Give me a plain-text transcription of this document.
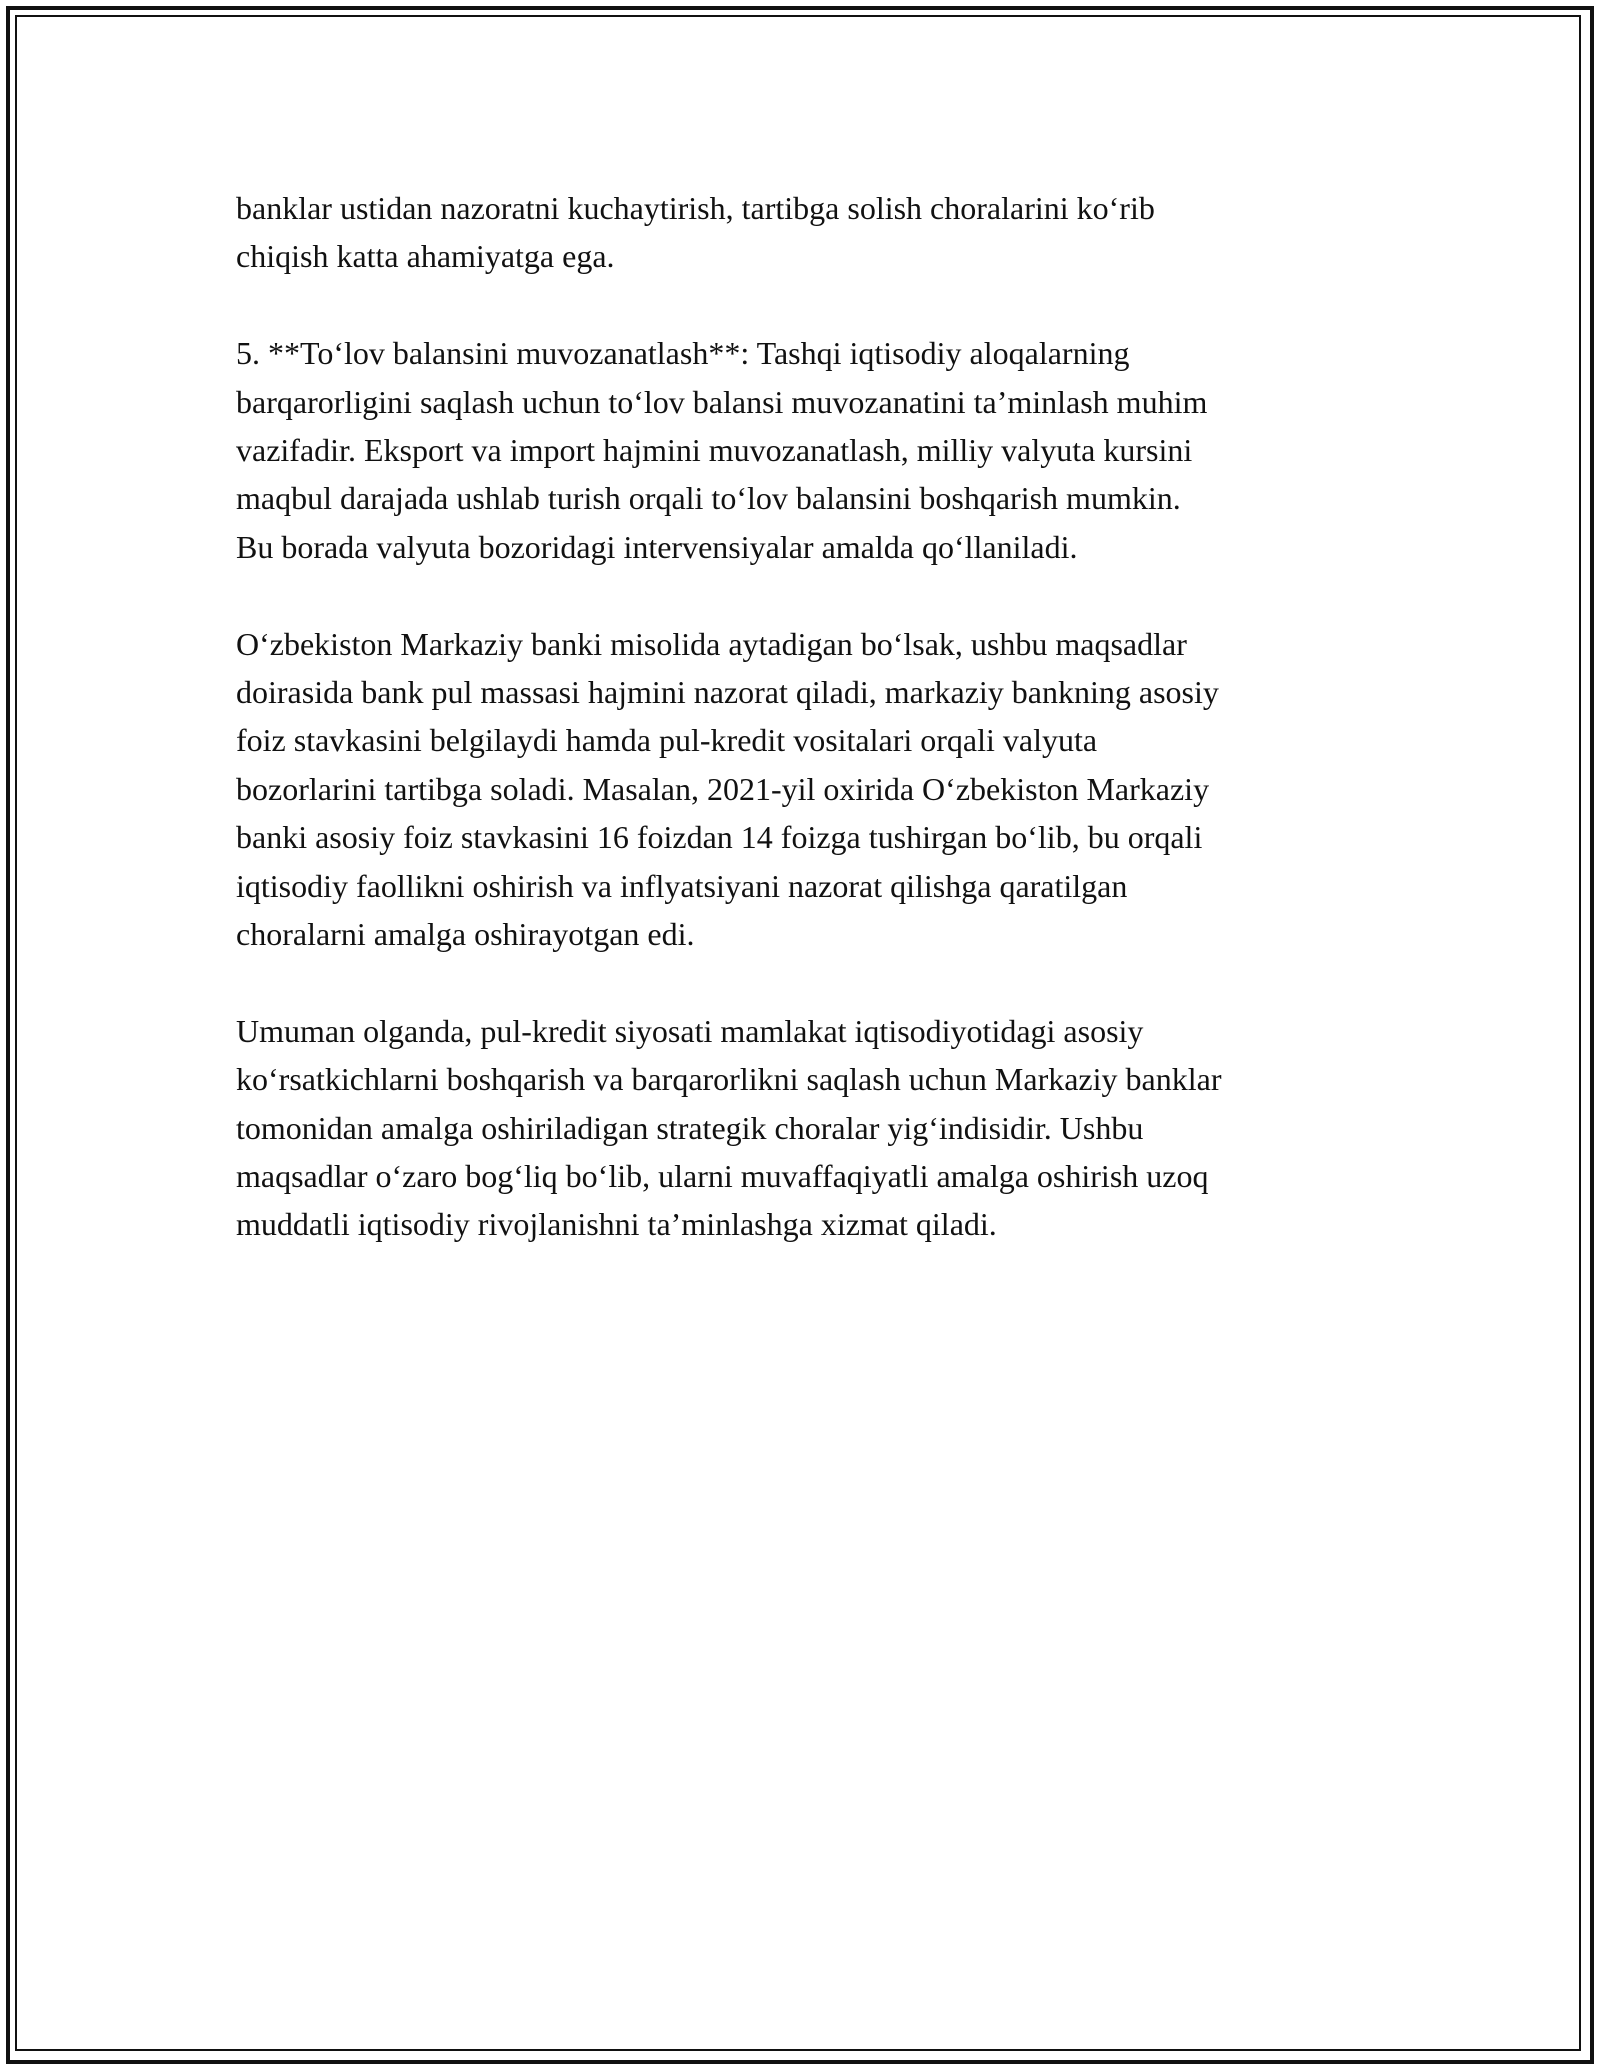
banklar ustidan nazoratni kuchaytirish, tartibga solish choralarini koʻrib
chiqish katta ahamiyatga ega.

5. **Toʻlov balansini muvozanatlash**: Tashqi iqtisodiy aloqalarning
barqarorligini saqlash uchun toʻlov balansi muvozanatini taʼminlash muhim
vazifadir. Eksport va import hajmini muvozanatlash, milliy valyuta kursini
maqbul darajada ushlab turish orqali toʻlov balansini boshqarish mumkin.
Bu borada valyuta bozoridagi intervensiyalar amalda qoʻllaniladi.

Oʻzbekiston Markaziy banki misolida aytadigan boʻlsak, ushbu maqsadlar
doirasida bank pul massasi hajmini nazorat qiladi, markaziy bankning asosiy
foiz stavkasini belgilaydi hamda pul-kredit vositalari orqali valyuta
bozorlarini tartibga soladi. Masalan, 2021-yil oxirida Oʻzbekiston Markaziy
banki asosiy foiz stavkasini 16 foizdan 14 foizga tushirgan boʻlib, bu orqali
iqtisodiy faollikni oshirish va inflyatsiyani nazorat qilishga qaratilgan
choralarni amalga oshirayotgan edi.

Umuman olganda, pul-kredit siyosati mamlakat iqtisodiyotidagi asosiy
koʻrsatkichlarni boshqarish va barqarorlikni saqlash uchun Markaziy banklar
tomonidan amalga oshiriladigan strategik choralar yigʻindisidir. Ushbu
maqsadlar oʻzaro bogʻliq boʻlib, ularni muvaffaqiyatli amalga oshirish uzoq
muddatli iqtisodiy rivojlanishni taʼminlashga xizmat qiladi.
